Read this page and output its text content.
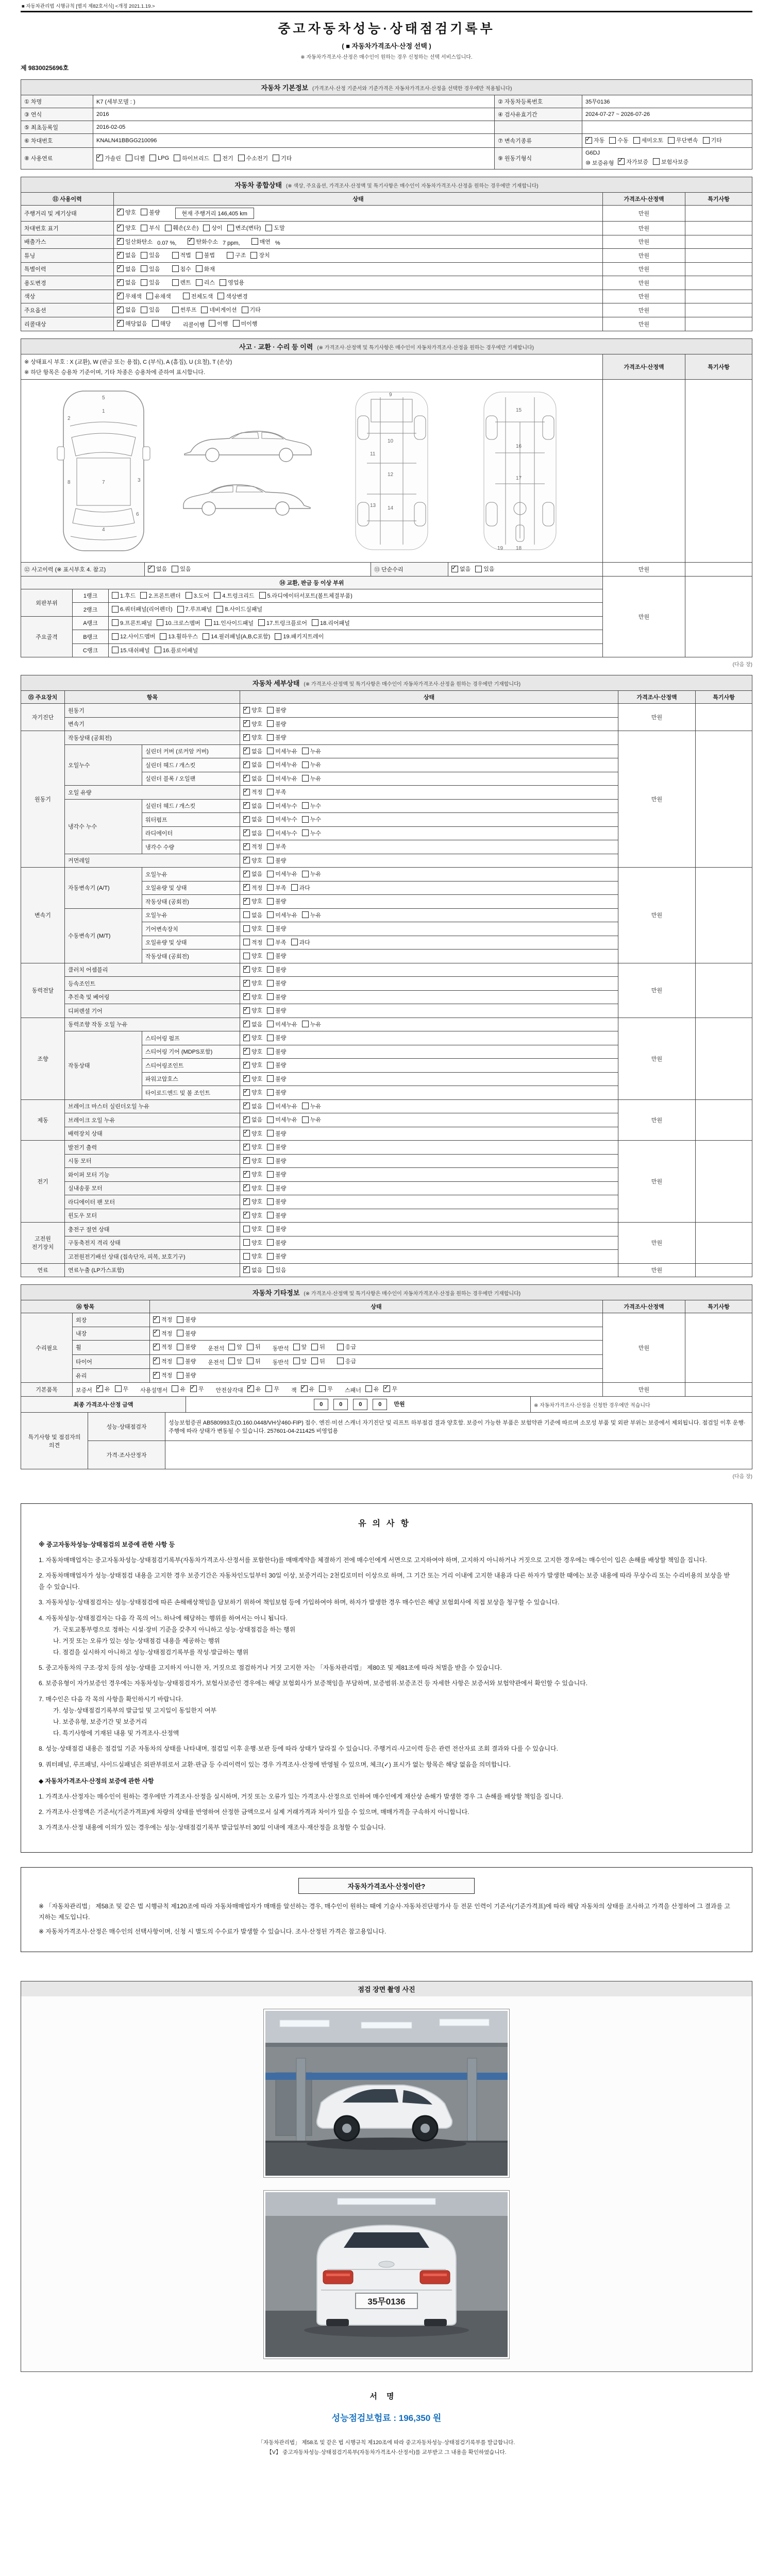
■ 자동차관리법 시행규칙 [별지 제82호서식] <개정 2021.1.19.>
중고자동차성능·상태점검기록부
( ■ 자동차가격조사·산정 선택 )
※ 자동차가격조사·산정은 매수인이 원하는 경우 신청하는 선택 서비스입니다.
제 9830025696호
자동차 기본정보 (가격조사·산정 기준서와 기준가격은 자동차가격조사·산정을 선택한 경우에만 적용됩니다)
① 차명	K7 (세부모델 : )	② 자동차등록번호	35무0136
③ 연식	2016	④ 검사유효기간	2024-07-27 ~ 2026-07-26
⑤ 최초등록일	2016-02-05		
⑥ 차대번호	KNALN41BBGG210096	⑦ 변속기종류	
✓자동 수동 세미오토 무단변속 기타

⑧ 사용연료	
✓가솔린 디젤 LPG 하이브리드 전기 수소전기 기타	⑨ 원동기형식	G6DJ
⑩ 보증유형 ✓ 자가보증 보험사보증
자동차 종합상태 (※ 색상, 주요옵션, 가격조사·산정액 및 특기사항은 매수인이 자동차가격조사·산정을 원하는 경우에만 기재합니다)
⑪ 사용이력	상태	가격조사·산정액	특기사항
주행거리 및 계기상태	
✓양호 불량 현재 주행거리 146,405 km	만원	
차대번호 표기	
✓양호 부식 훼손(오손) 상이 변조(변타) 도말	만원	
배출가스	
✓일산화탄소 0.07 %, ✓	탄화수소 7 ppm,	매연 %	만원	
튜닝	
✓없음 있음	적법 불법	구조 장치	만원	
특별이력	
✓없음 있음 침수 화재	만원	
용도변경	
✓없음 있음 렌트 리스 영업용	만원	
색상	
✓무채색 유채색 전체도색 색상변경	만원	
주요옵션	
✓없음 있음 썬루프 네비게이션 기타	만원	
리콜대상	
✓해당없음 해당 리콜이행 이행 미이행	만원	
사고 · 교환 · 수리 등 이력 (※ 가격조사·산정액 및 특기사항은 매수인이 자동차가격조사·산정을 원하는 경우에만 기재합니다)
※ 상태표시 부호 : X (교환), W (판금 또는 용접), C (부식), A (흠집), U (요철), T (손상)
※ 하단 항목은 승용차 기준이며, 기타 차종은 승용차에 준하여 표시합니다.	가격조사·산정액	특기사항

1
2
3
4
5
6
7
8
9
10
11
12
13 14
15
16
17
18
19

⑫ 사고이력 (※ 표시부호 4. 참고)	
✓없음 있음	⑬ 단순수리	
✓없음 있음	만원	
⑭ 교환, 판금 등 이상 부위			만원	
외판부위	1랭크	1.후드 2.프론트펜더 3.도어 4.트렁크리드 5.라디에이터서포트(볼트체결부품)		

	2랭크	6.쿼터패널(리어펜더) 7.루프패널 8.사이드실패널		

주요골격	A랭크	9.프론트패널 10.크로스멤버 11.인사이드패널 17.트렁크플로어 18.리어패널		

	B랭크	12.사이드멤버 13.휠하우스 14.필러패널(A,B,C포함) 19.패키지트레이		

	C랭크	15.대쉬패널 16.플로어패널		
(다음 장)
자동차 세부상태 (※ 가격조사·산정액 및 특기사항은 매수인이 자동차가격조사·산정을 원하는 경우에만 기재합니다)
⑮ 주요장치	항목		상태	가격조사·산정액	특기사항
자기진단	원동기	
✓양호 불량	만원	
	변속기	
✓양호 불량

원동기	작동상태 (공회전)	
✓양호 불량	만원	
	오일누수	실린더 커버 (로커암 커버)	
✓없음 미세누유 누유

		실린더 헤드 / 개스킷	
✓없음 미세누유 누유

		실린더 블록 / 오일팬	
✓없음 미세누유 누유

	오일 유량	
✓적정 부족

	냉각수 누수	실린더 헤드 / 개스킷	
✓없음 미세누수 누수

		워터펌프	
✓없음 미세누수 누수

		라디에이터	
✓없음 미세누수 누수

		냉각수 수량	
✓적정 부족

	커먼레일	
✓양호 불량

변속기	자동변속기 (A/T)	오일누유	
✓없음 미세누유 누유	만원	
		오일유량 및 상태	
✓적정 부족 과다

		작동상태 (공회전)	
✓양호 불량

	수동변속기 (M/T)	오일누유	없음 미세누유 누유		

		기어변속장치	양호 불량		

		오일유량 및 상태	적정 부족 과다		

		작동상태 (공회전)	양호 불량		

동력전달	클러치 어셈블리	
✓양호 불량	만원	
	등속조인트	
✓양호 불량

	추진축 및 베어링	
✓양호 불량

	디퍼렌셜 기어	
✓양호 불량

조향	동력조향 작동 오일 누유	
✓없음 미세누유 누유	만원	
	작동상태	스티어링 펌프	
✓양호 불량

		스티어링 기어 (MDPS포함)	
✓양호 불량

		스티어링조인트	
✓양호 불량

		파워고압호스	
✓양호 불량

		타이로드엔드 및 볼 조인트	
✓양호 불량

제동	브레이크 마스터 실린더오일 누유	
✓없음 미세누유 누유	만원	
	브레이크 오일 누유	
✓없음 미세누유 누유

	배력장치 상태	
✓양호 불량

전기	발전기 출력	
✓양호 불량	만원	
	시동 모터	
✓양호 불량

	와이퍼 모터 기능	
✓양호 불량

	실내송풍 모터	
✓양호 불량

	라디에이터 팬 모터	
✓양호 불량

	윈도우 모터	
✓양호 불량

고전원 전기장치	충전구 절연 상태		양호 불량	만원	
	구동축전지 격리 상태		양호 불량		

	고전원전기배선 상태 (접속단자, 피복, 보호기구)		양호 불량		

연료	연료누출 (LP가스포함)	
✓없음 있음	만원	
자동차 기타정보 (※ 가격조사·산정액 및 특기사항은 매수인이 자동차가격조사·산정을 원하는 경우에만 기재합니다)
⑯ 항목		상태	가격조사·산정액	특기사항
수리필요	외장	
✓적정 불량	만원	
	내장	
✓적정 불량

휠	
✓적정 불량 운전석 앞 뒤 동반석 앞 뒤	응급

타이어	
✓적정 불량 운전석 앞 뒤 동반석 앞 뒤	응급

	유리	
✓적정 불량

기본품목	보증서 ✓ 유 무 사용설명서 유 ✓ 무 안전삼각대 ✓ 유 무 잭 ✓ 유 무 스패너 유 ✓ 무	만원	
최종 가격조사·산정 금액	0	0	0	0 만원	※ 자동차가격조사·산정을 신청한 경우에만 적습니다
특기사항 및 점검자의 의견	성능·상태점검자	성능보험증권 AB580993호(O.160.0448/VH상460-FIP) 접수. 엔진·미션 스캐너 자기진단 및 리프트 하부점검 결과 양호함. 보증이 가능한 부품은 보험약관 기준에 따르며 소모성 부품 및 외판 부위는 보증에서 제외됩니다. 점검일 이후 운행·주행에 따라 상태가 변동될 수 있습니다. 257601-04-211425 비영업용
	가격·조사산정자	
(다음 장)
유의사항
※ 중고자동차성능·상태점검의 보증에 관한 사항 등
1. 자동차매매업자는 중고자동차성능·상태점검기록부(자동차가격조사·산정서를 포함한다)를 매매계약을 체결하기 전에 매수인에게 서면으로 고지하여야 하며, 고지하지 아니하거나 거짓으로 고지한 경우에는 매수인이 입은 손해를 배상할 책임을 집니다.
2. 자동차매매업자가 성능·상태점검 내용을 고지한 경우 보증기간은 자동차인도일부터 30일 이상, 보증거리는 2천킬로미터 이상으로 하며, 그 기간 또는 거리 이내에 고지한 내용과 다른 하자가 발생한 때에는 보증 내용에 따라 무상수리 또는 수리비용의 보상을 받을 수 있습니다.
3. 자동차성능·상태점검자는 성능·상태점검에 따른 손해배상책임을 담보하기 위하여 책임보험 등에 가입하여야 하며, 하자가 발생한 경우 매수인은 해당 보험회사에 직접 보상을 청구할 수 있습니다.
4. 자동차성능·상태점검자는 다음 각 목의 어느 하나에 해당하는 행위를 하여서는 아니 됩니다.
가. 국토교통부령으로 정하는 시설·장비 기준을 갖추지 아니하고 성능·상태점검을 하는 행위
나. 거짓 또는 오류가 있는 성능·상태점검 내용을 제공하는 행위
다. 점검을 실시하지 아니하고 성능·상태점검기록부를 작성·발급하는 행위
5. 중고자동차의 구조·장치 등의 성능·상태를 고지하지 아니한 자, 거짓으로 점검하거나 거짓 고지한 자는 「자동차관리법」 제80조 및 제81조에 따라 처벌을 받을 수 있습니다.
6. 보증유형이 자가보증인 경우에는 자동차성능·상태점검자가, 보험사보증인 경우에는 해당 보험회사가 보증책임을 부담하며, 보증범위·보증조건 등 자세한 사항은 보증서와 보험약관에서 확인할 수 있습니다.
7. 매수인은 다음 각 목의 사항을 확인하시기 바랍니다.
가. 성능·상태점검기록부의 발급일 및 고지일이 동일한지 여부
나. 보증유형, 보증기간 및 보증거리
다. 특기사항에 기재된 내용 및 가격조사·산정액
8. 성능·상태점검 내용은 점검일 기준 자동차의 상태를 나타내며, 점검일 이후 운행·보관 등에 따라 상태가 달라질 수 있습니다. 주행거리·사고이력 등은 관련 전산자료 조회 결과와 다를 수 있습니다.
9. 쿼터패널, 루프패널, 사이드실패널은 외판부위로서 교환·판금 등 수리이력이 있는 경우 가격조사·산정에 반영될 수 있으며, 체크(✓) 표시가 없는 항목은 해당 없음을 의미합니다.
◆ 자동차가격조사·산정의 보증에 관한 사항
1. 가격조사·산정자는 매수인이 원하는 경우에만 가격조사·산정을 실시하며, 거짓 또는 오류가 있는 가격조사·산정으로 인하여 매수인에게 재산상 손해가 발생한 경우 그 손해를 배상할 책임을 집니다.
2. 가격조사·산정액은 기준서(기준가격표)에 차량의 상태를 반영하여 산정한 금액으로서 실제 거래가격과 차이가 있을 수 있으며, 매매가격을 구속하지 아니합니다.
3. 가격조사·산정 내용에 이의가 있는 경우에는 성능·상태점검기록부 발급일부터 30일 이내에 재조사·재산정을 요청할 수 있습니다.
자동차가격조사·산정이란?
※ 「자동차관리법」 제58조 및 같은 법 시행규칙 제120조에 따라 자동차매매업자가 매매를 알선하는 경우, 매수인이 원하는 때에 기술사·자동차진단평가사 등 전문 인력이 기준서(기준가격표)에 따라 해당 자동차의 상태를 조사하고 가격을 산정하여 그 결과를 고지하는 제도입니다.
※ 자동차가격조사·산정은 매수인의 선택사항이며, 신청 시 별도의 수수료가 발생할 수 있습니다. 조사·산정된 가격은 참고용입니다.
점검 장면 촬영 사진
35무0136
서명
성능점검보험료 : 196,350 원
「자동차관리법」 제58조 및 같은 법 시행규칙 제120조에 따라 중고자동차성능·상태점검기록부를 발급합니다.
【V】 중고자동차성능·상태점검기록부(자동차가격조사·산정서)를 교부받고 그 내용을 확인하였습니다.
